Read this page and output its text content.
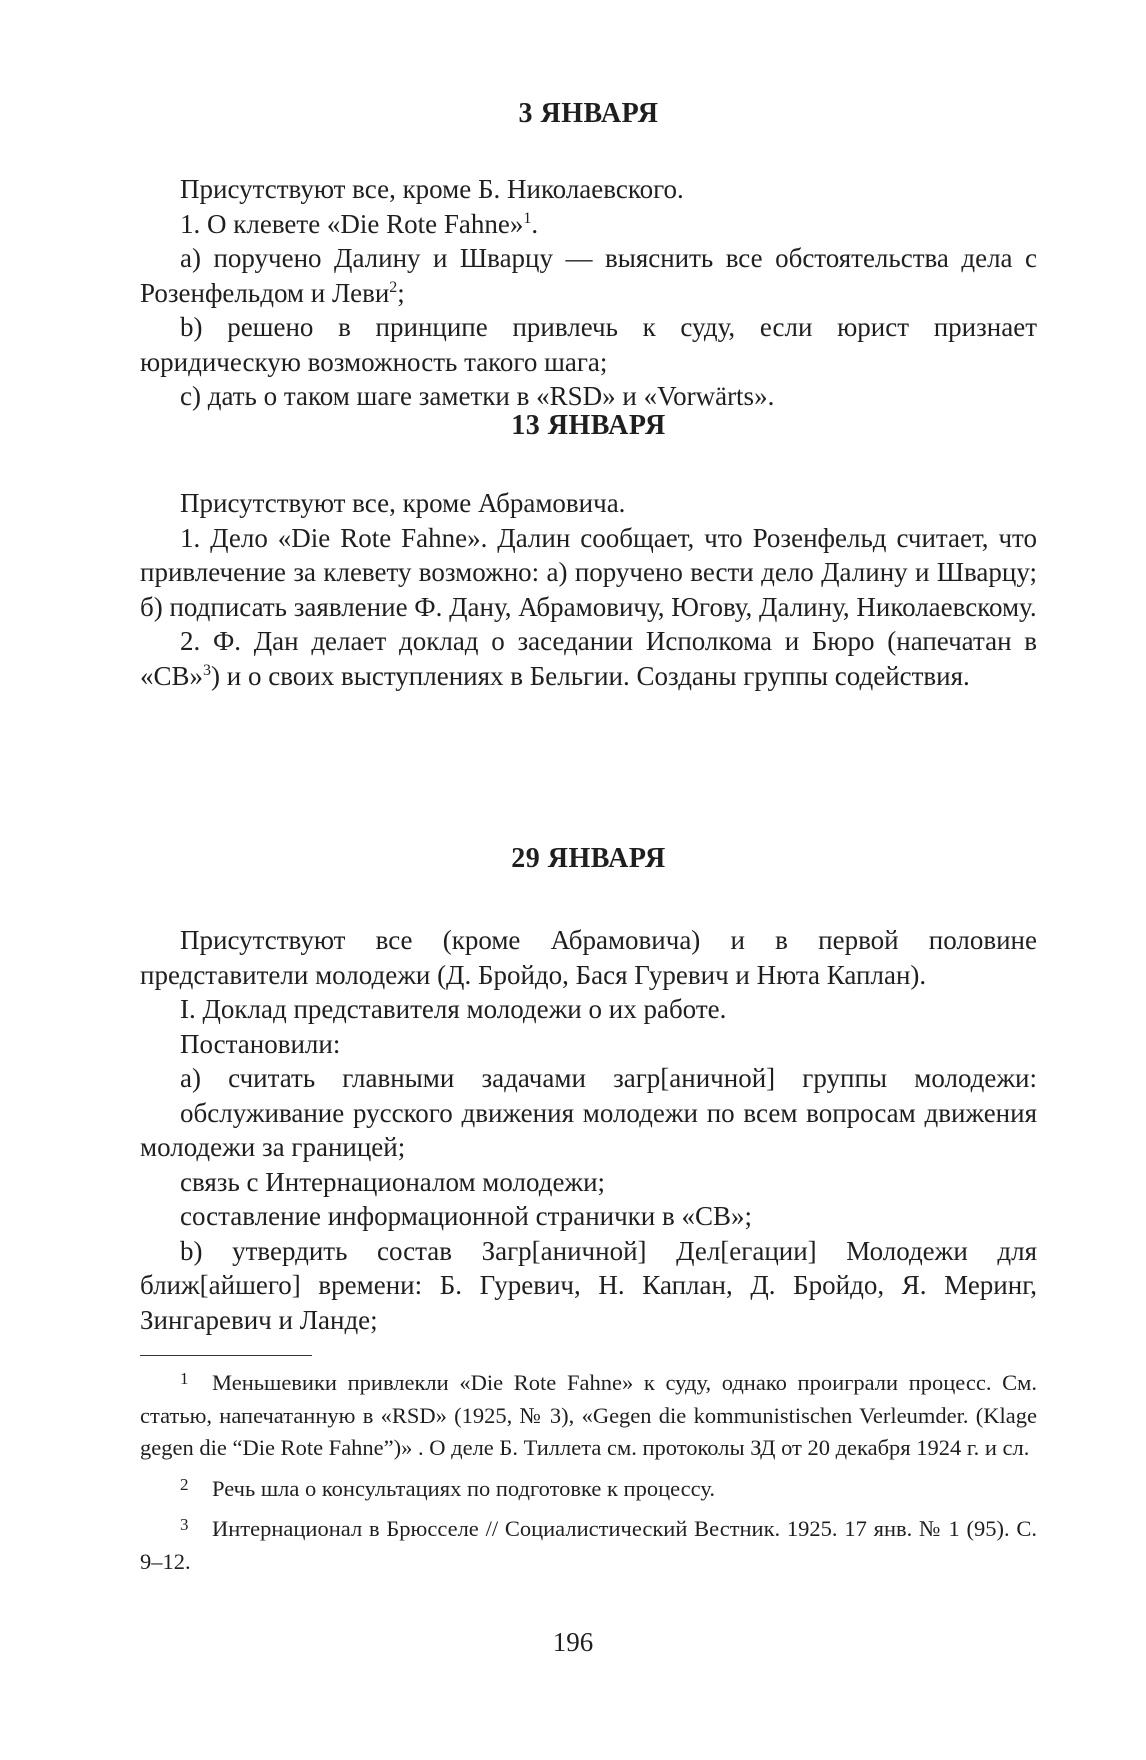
3 ЯНВАРЯ

Присутствуют все, кроме Б. Николаевского.

1. О клевете «Die Rote Fahne»$^1$.

а) поручено Далину и Шварцу — выяснить все обстоятельства дела с Розенфельдом и Леви$^2$;

b) решено в принципе привлечь к суду, если юрист признает юридическую возможность такого шага;

c) дать о таком шаге заметки в «RSD» и «Vorwärts».

13 ЯНВАРЯ

Присутствуют все, кроме Абрамовича.

1. Дело «Die Rote Fahne». Далин сообщает, что Розенфельд считает, что привлечение за клевету возможно: а) поручено вести дело Далину и Шварцу; б) подписать заявление Ф. Дану, Абрамовичу, Югову, Далину, Николаевскому.

2. Ф. Дан делает доклад о заседании Исполкома и Бюро (напечатан в «СВ»$^3$) и о своих выступлениях в Бельгии. Созданы группы содействия.

29 ЯНВАРЯ

Присутствуют все (кроме Абрамовича) и в первой половине представители молодежи (Д. Бройдо, Бася Гуревич и Нюта Каплан).

I. Доклад представителя молодежи о их работе.

Постановили:

а) считать главными задачами загр[аничной] группы молодежи:

обслуживание русского движения молодежи по всем вопросам движения молодежи за границей;

связь с Интернационалом молодежи;

составление информационной странички в «СВ»;

b) утвердить состав Загр[аничной] Дел[егации] Молодежи для ближ[айшего] времени: Б. Гуревич, Н. Каплан, Д. Бройдо, Я. Меринг, Зингаревич и Ланде;

1 Меньшевики привлекли «Die Rote Fahne» к суду, однако проиграли процесс. См. статью, напечатанную в «RSD» (1925, № 3), «Gegen die kommunistischen Verleumder. (Klage gegen die “Die Rote Fahne”)» . О деле Б. Тиллета см. протоколы ЗД от 20 декабря 1924 г. и сл.

2 Речь шла о консультациях по подготовке к процессу.

3 Интернационал в Брюсселе // Социалистический Вестник. 1925. 17 янв. № 1 (95). С. 9–12.

196
